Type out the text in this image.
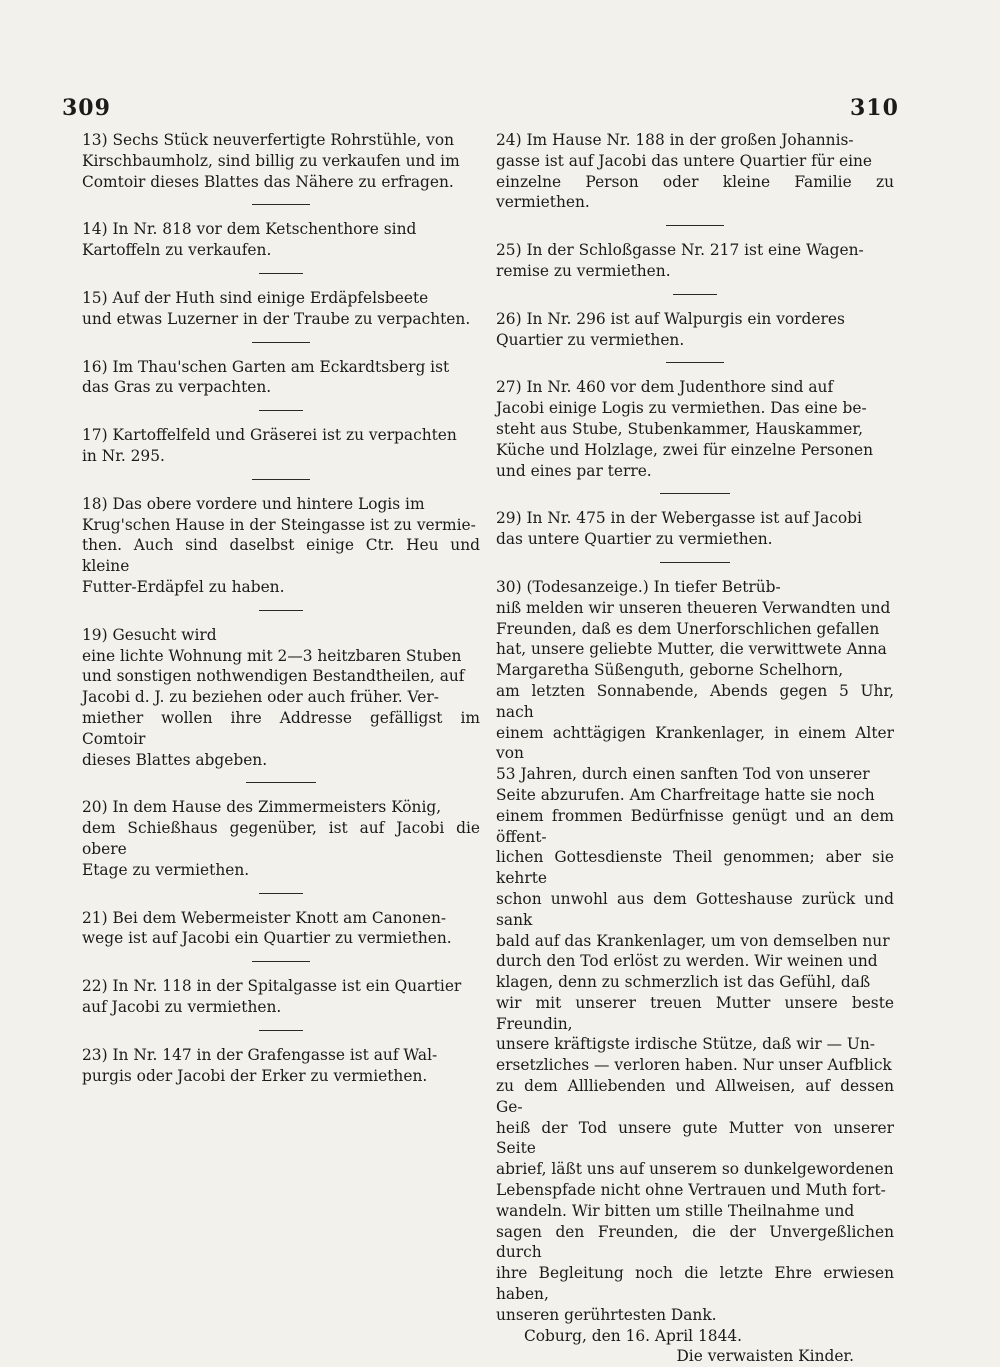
309	310
13) Sechs Stück neuverfertigte Rohrstühle, von
Kirschbaumholz, sind billig zu verkaufen und im
Comtoir dieses Blattes das Nähere zu erfragen.
14) In Nr. 818 vor dem Ketschenthore sind
Kartoffeln zu verkaufen.
15) Auf der Huth sind einige Erdäpfelsbeete
und etwas Luzerner in der Traube zu verpachten.
16) Im Thau'schen Garten am Eckardtsberg ist
das Gras zu verpachten.
17) Kartoffelfeld und Gräserei ist zu verpachten
in Nr. 295.
18) Das obere vordere und hintere Logis im
Krug'schen Hause in der Steingasse ist zu vermie-
then. Auch sind daselbst einige Ctr. Heu und kleine
Futter-Erdäpfel zu haben.
19) Gesucht wird
eine lichte Wohnung mit 2—3 heitzbaren Stuben
und sonstigen nothwendigen Bestandtheilen, auf
Jacobi d. J. zu beziehen oder auch früher. Ver-
miether wollen ihre Addresse gefälligst im Comtoir
dieses Blattes abgeben.
20) In dem Hause des Zimmermeisters König,
dem Schießhaus gegenüber, ist auf Jacobi die obere
Etage zu vermiethen.
21) Bei dem Webermeister Knott am Canonen-
wege ist auf Jacobi ein Quartier zu vermiethen.
22) In Nr. 118 in der Spitalgasse ist ein Quartier
auf Jacobi zu vermiethen.
23) In Nr. 147 in der Grafengasse ist auf Wal-
purgis oder Jacobi der Erker zu vermiethen.
24) Im Hause Nr. 188 in der großen Johannis-
gasse ist auf Jacobi das untere Quartier für eine
einzelne Person oder kleine Familie zu vermiethen.
25) In der Schloßgasse Nr. 217 ist eine Wagen-
remise zu vermiethen.
26) In Nr. 296 ist auf Walpurgis ein vorderes
Quartier zu vermiethen.
27) In Nr. 460 vor dem Judenthore sind auf
Jacobi einige Logis zu vermiethen. Das eine be-
steht aus Stube, Stubenkammer, Hauskammer,
Küche und Holzlage, zwei für einzelne Personen
und eines par terre.
29) In Nr. 475 in der Webergasse ist auf Jacobi
das untere Quartier zu vermiethen.
30) (Todesanzeige.) In tiefer Betrüb-
niß melden wir unseren theueren Verwandten und
Freunden, daß es dem Unerforschlichen gefallen
hat, unsere geliebte Mutter, die verwittwete Anna
Margaretha Süßenguth, geborne Schelhorn,
am letzten Sonnabende, Abends gegen 5 Uhr, nach
einem achttägigen Krankenlager, in einem Alter von
53 Jahren, durch einen sanften Tod von unserer
Seite abzurufen. Am Charfreitage hatte sie noch
einem frommen Bedürfnisse genügt und an dem öffent-
lichen Gottesdienste Theil genommen; aber sie kehrte
schon unwohl aus dem Gotteshause zurück und sank
bald auf das Krankenlager, um von demselben nur
durch den Tod erlöst zu werden. Wir weinen und
klagen, denn zu schmerzlich ist das Gefühl, daß
wir mit unserer treuen Mutter unsere beste Freundin,
unsere kräftigste irdische Stütze, daß wir — Un-
ersetzliches — verloren haben. Nur unser Aufblick
zu dem Allliebenden und Allweisen, auf dessen Ge-
heiß der Tod unsere gute Mutter von unserer Seite
abrief, läßt uns auf unserem so dunkelgewordenen
Lebenspfade nicht ohne Vertrauen und Muth fort-
wandeln. Wir bitten um stille Theilnahme und
sagen den Freunden, die der Unvergeßlichen durch
ihre Begleitung noch die letzte Ehre erwiesen haben,
unseren gerührtesten Dank.
Coburg, den 16. April 1844.
Die verwaisten Kinder.
